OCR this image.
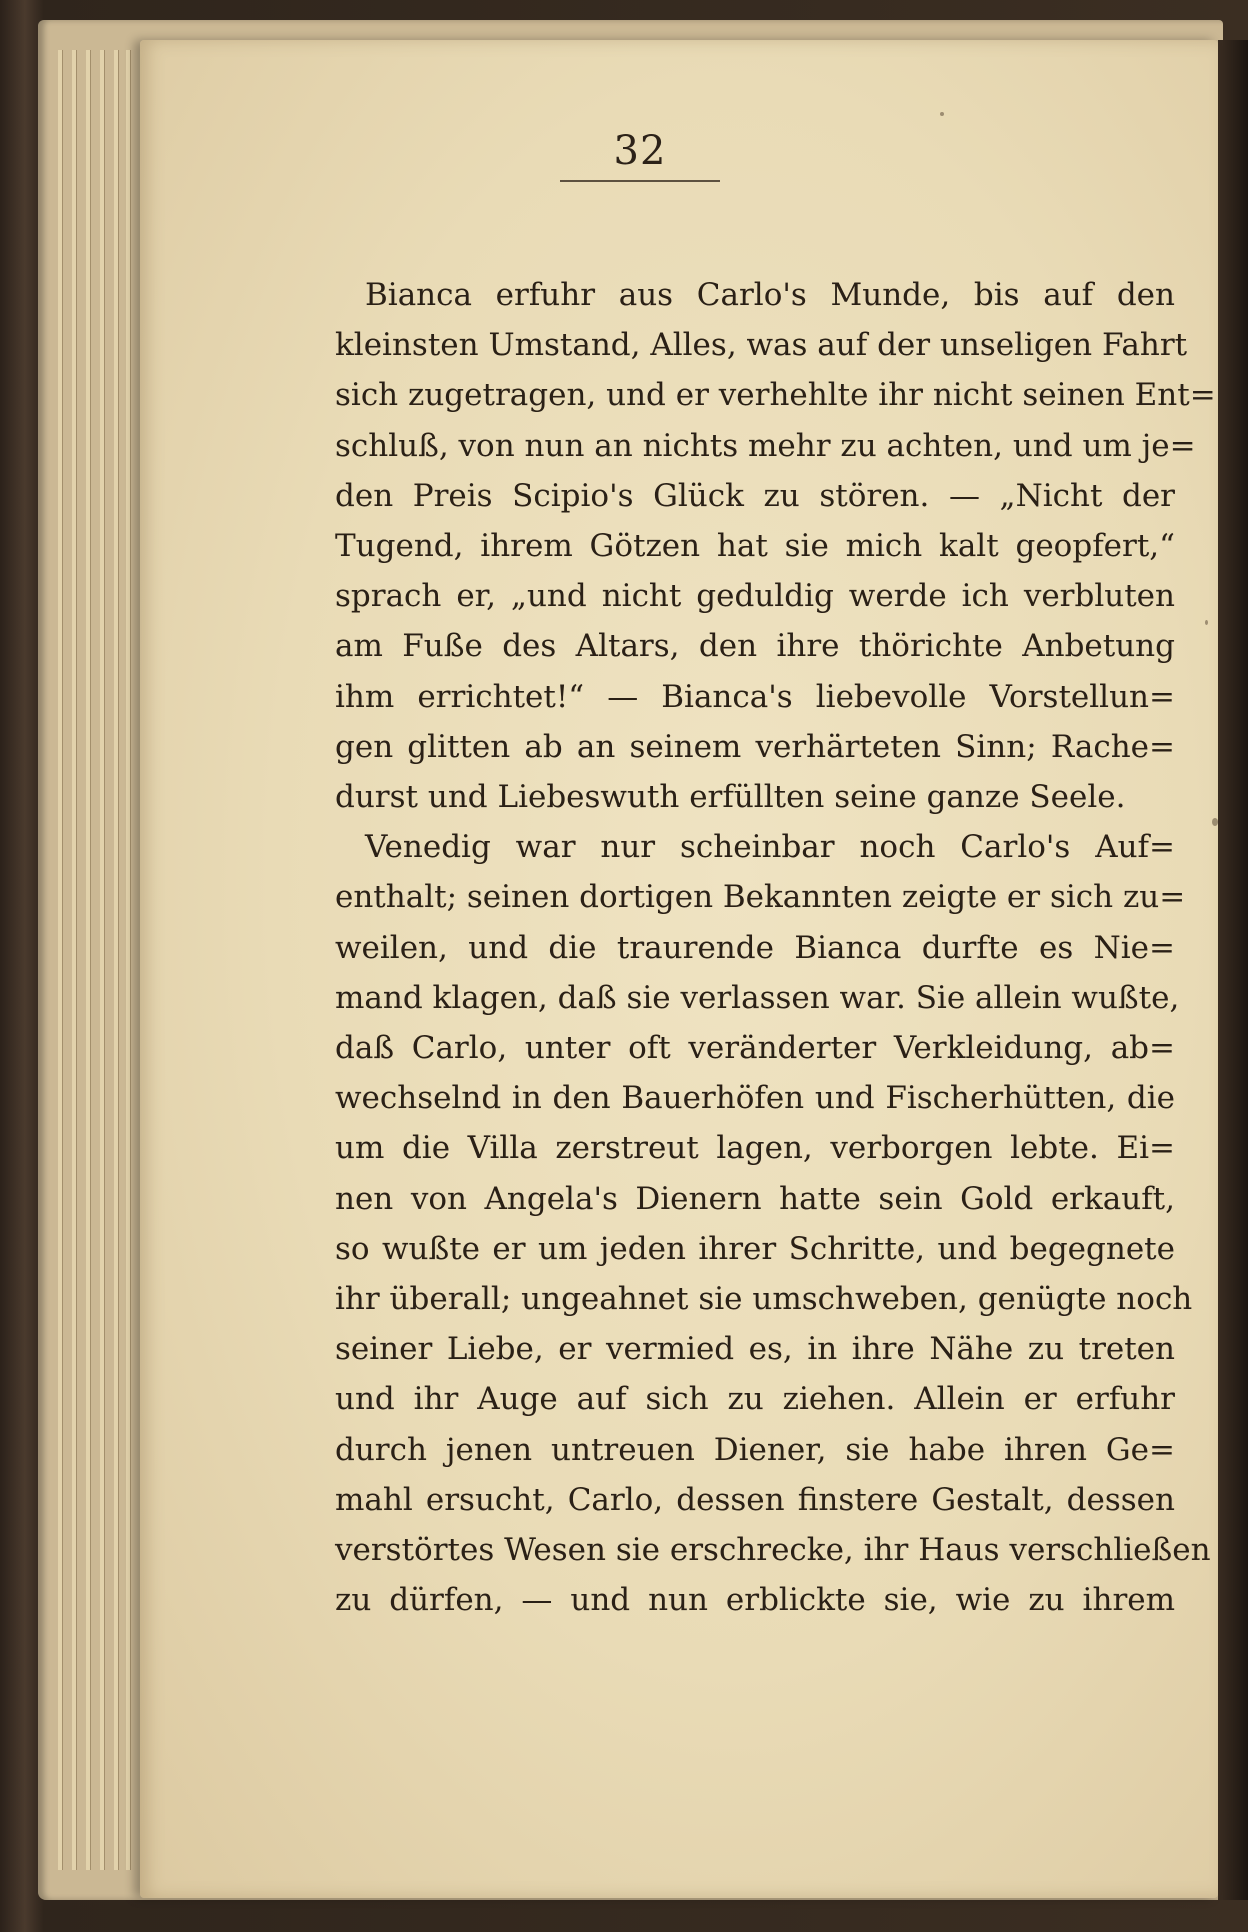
32
Bianca erfuhr aus Carlo's Munde, bis auf den
kleinsten Umstand, Alles, was auf der unseligen Fahrt
sich zugetragen, und er verhehlte ihr nicht seinen Ent=
schluß, von nun an nichts mehr zu achten, und um je=
den Preis Scipio's Glück zu stören. — „Nicht der
Tugend, ihrem Götzen hat sie mich kalt geopfert,“
sprach er, „und nicht geduldig werde ich verbluten
am Fuße des Altars, den ihre thörichte Anbetung
ihm errichtet!“ — Bianca's liebevolle Vorstellun=
gen glitten ab an seinem verhärteten Sinn; Rache=
durst und Liebeswuth erfüllten seine ganze Seele.
Venedig war nur scheinbar noch Carlo's Auf=
enthalt; seinen dortigen Bekannten zeigte er sich zu=
weilen, und die traurende Bianca durfte es Nie=
mand klagen, daß sie verlassen war. Sie allein wußte,
daß Carlo, unter oft veränderter Verkleidung, ab=
wechselnd in den Bauerhöfen und Fischerhütten, die
um die Villa zerstreut lagen, verborgen lebte. Ei=
nen von Angela's Dienern hatte sein Gold erkauft,
so wußte er um jeden ihrer Schritte, und begegnete
ihr überall; ungeahnet sie umschweben, genügte noch
seiner Liebe, er vermied es, in ihre Nähe zu treten
und ihr Auge auf sich zu ziehen. Allein er erfuhr
durch jenen untreuen Diener, sie habe ihren Ge=
mahl ersucht, Carlo, dessen finstere Gestalt, dessen
verstörtes Wesen sie erschrecke, ihr Haus verschließen
zu dürfen, — und nun erblickte sie, wie zu ihrem
